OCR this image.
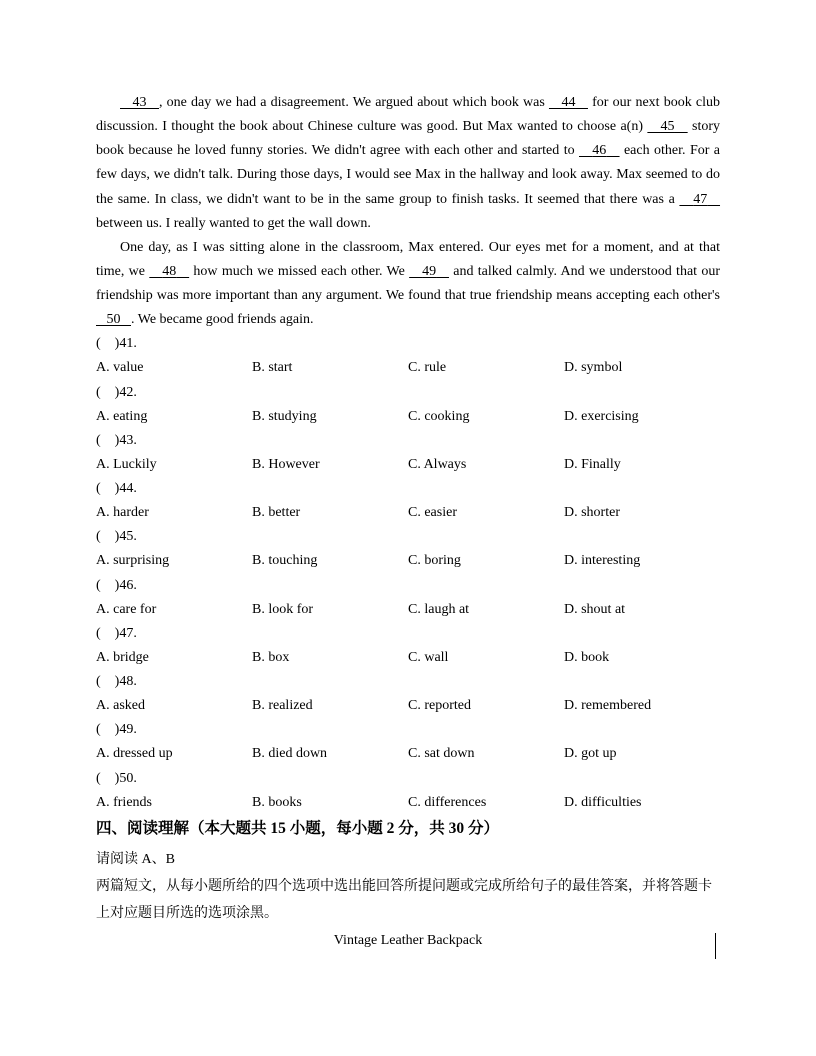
43 , one day we had a disagreement. We argued about which book was 44 for our next book club
discussion. I thought the book about Chinese culture was good. But Max wanted to choose a(n) 45 story
book because he loved funny stories. We didn't agree with each other and started to 46 each other. For a
few days, we didn't talk. During those days, I would see Max in the hallway and look away. Max seemed to do
the same. In class, we didn't want to be in the same group to finish tasks. It seemed that there was a 47
between us. I really wanted to get the wall down.
One day, as I was sitting alone in the classroom, Max entered. Our eyes met for a moment, and at that
time, we 48 how much we missed each other. We 49 and talked calmly. And we understood that our
friendship was more important than any argument. We found that true friendship means accepting each other's
50 . We became good friends again.
(    )41.
A. value	B. start	C. rule	D. symbol
(    )42.
A. eating	B. studying	C. cooking	D. exercising
(    )43.
A. Luckily	B. However	C. Always	D. Finally
(    )44.
A. harder	B. better	C. easier	D. shorter
(    )45.
A. surprising	B. touching	C. boring	D. interesting
(    )46.
A. care for	B. look for	C. laugh at	D. shout at
(    )47.
A. bridge	B. box	C. wall	D. book
(    )48.
A. asked	B. realized	C. reported	D. remembered
(    )49.
A. dressed up	B. died down	C. sat down	D. got up
(    )50.
A. friends	B. books	C. differences	D. difficulties
四、阅读理解（本大题共 15 小题，每小题 2 分，共 30 分）
请阅读 A、B
两篇短文，从每小题所给的四个选项中选出能回答所提问题或完成所给句子的最佳答案，并将答题卡
上对应题目所选的选项涂黑。
Vintage Leather Backpack
